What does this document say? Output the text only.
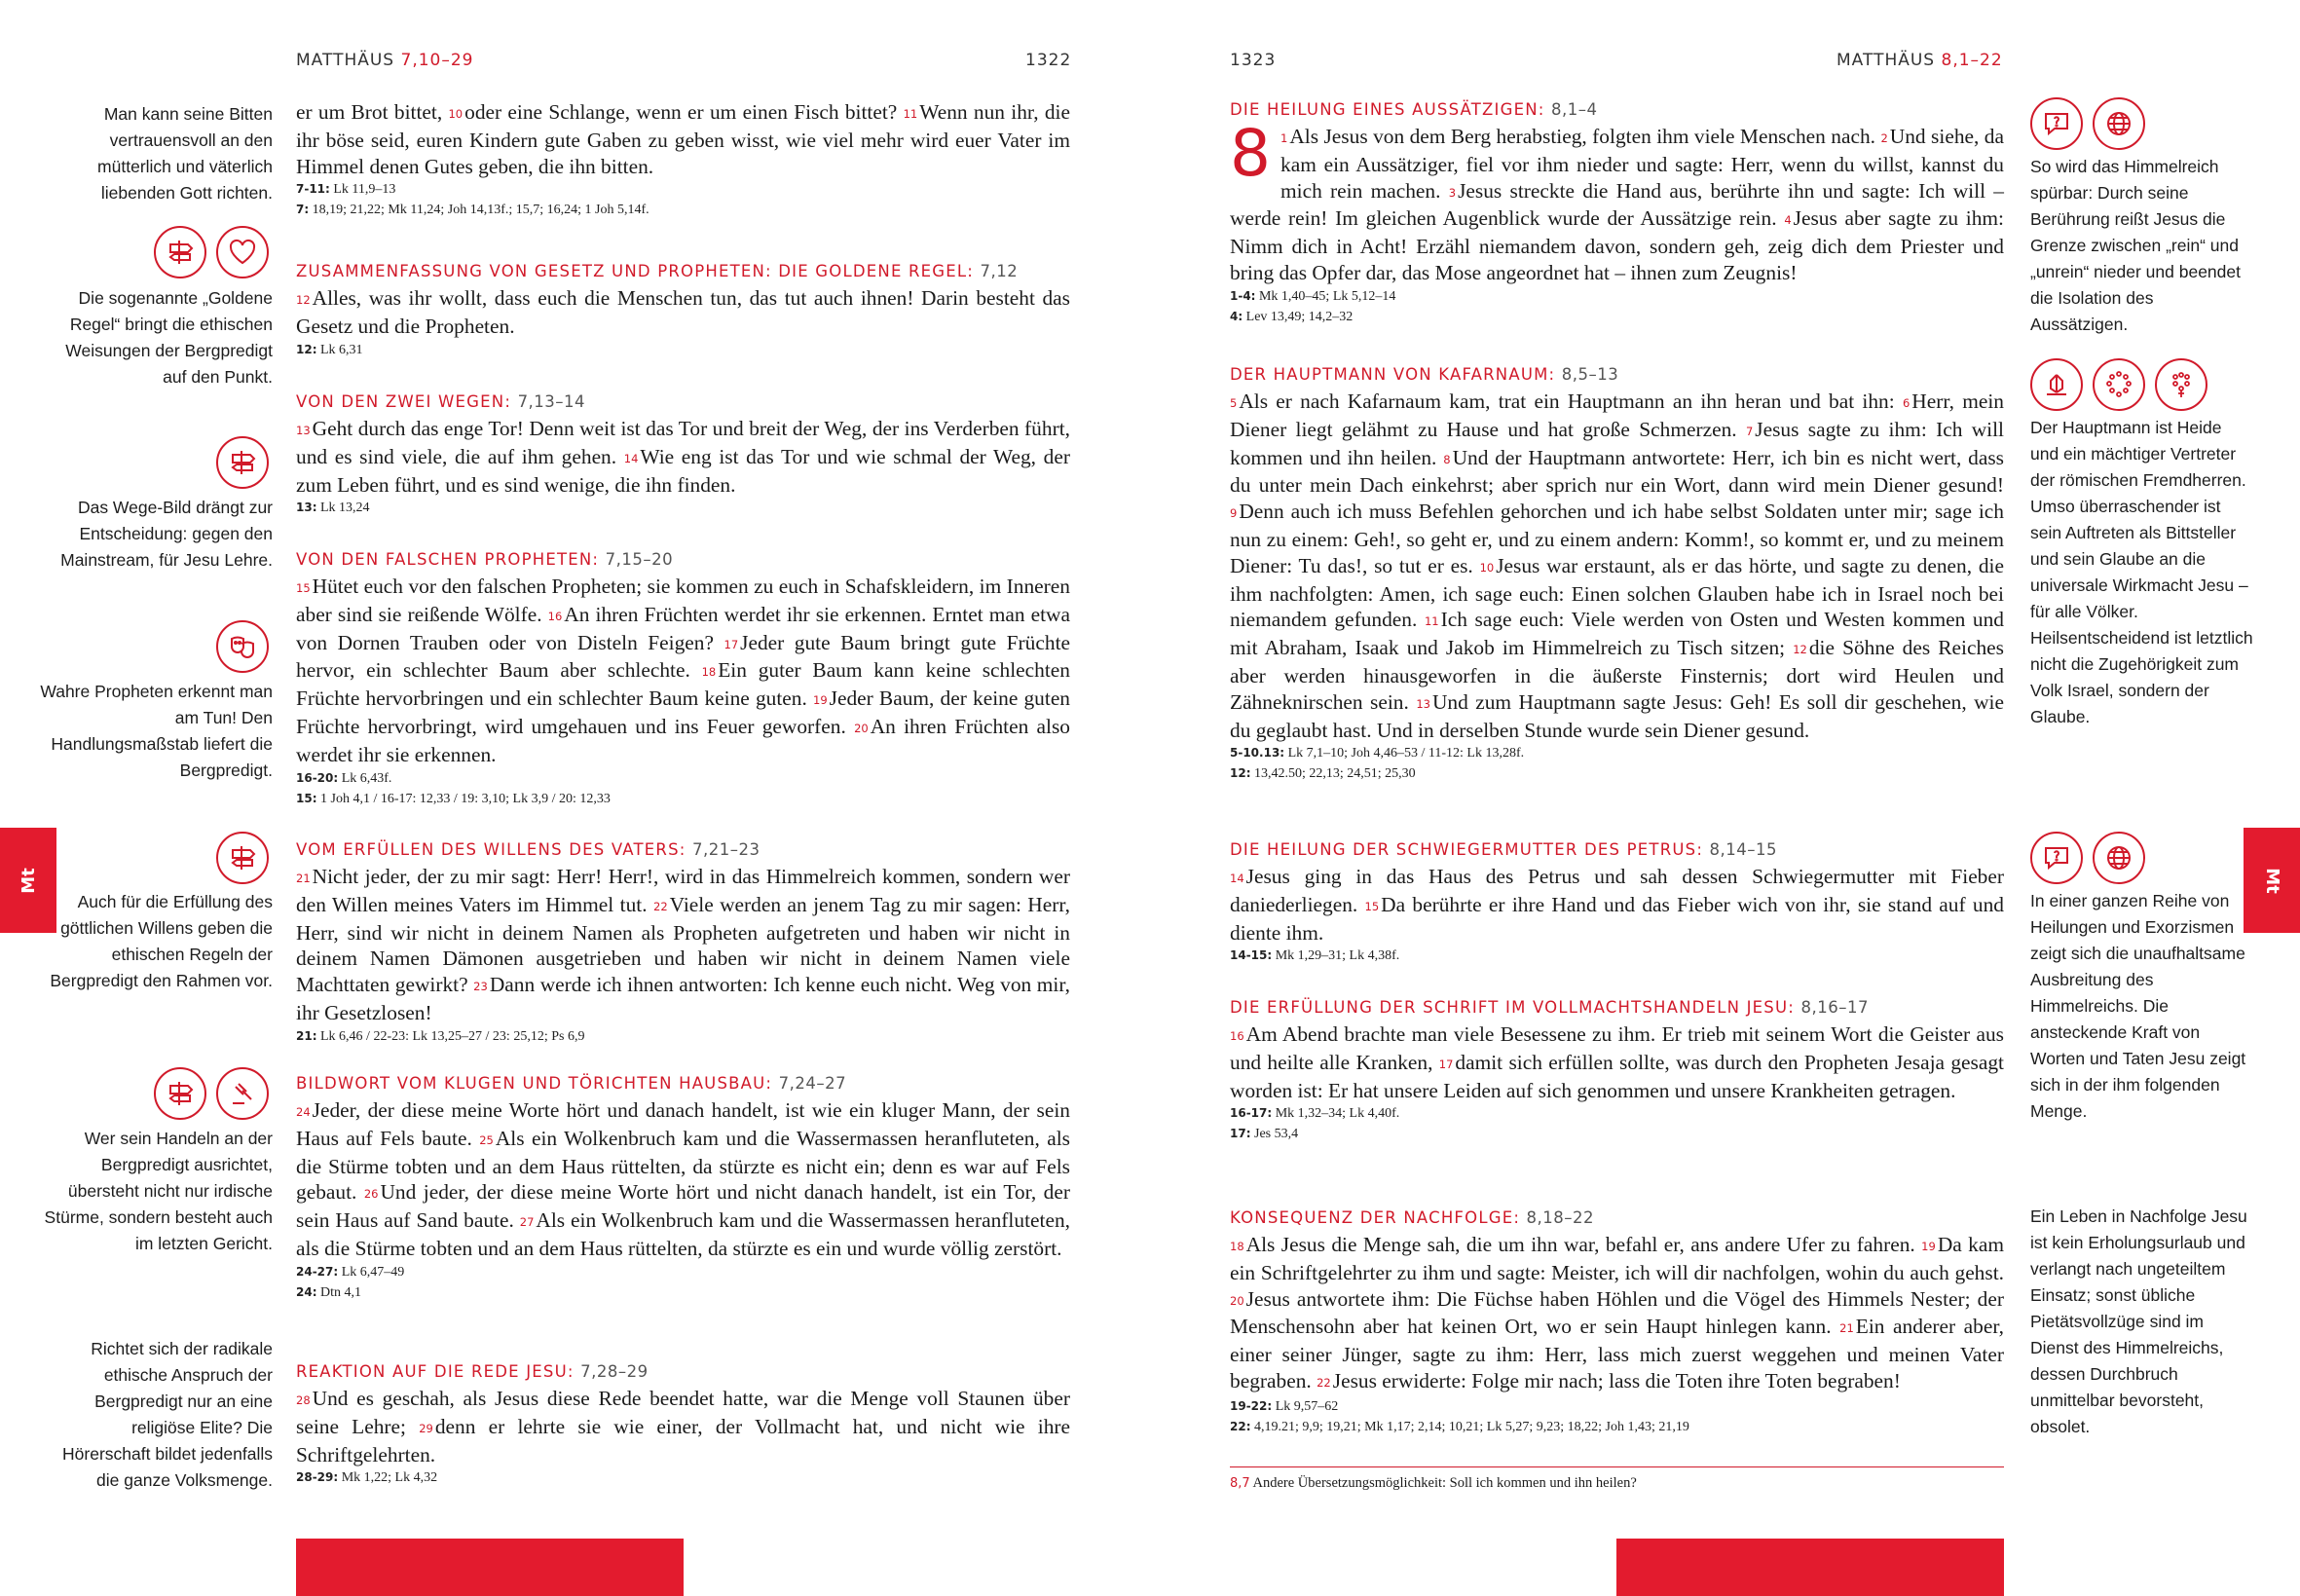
MATTHÄUS 7,10–29	1322
Man kann seine Bitten vertrauensvoll an den mütterlich und väterlich liebenden Gott richten.
Die sogenannte „Goldene Regel“ bringt die ethischen Weisungen der Bergpredigt auf den Punkt.
Das Wege-Bild drängt zur Entscheidung: gegen den Mainstream, für Jesu Lehre.
Wahre Propheten erkennt man am Tun! Den Handlungsmaßstab liefert die Bergpredigt.
Auch für die Erfüllung des göttlichen Willens geben die ethischen Regeln der Bergpredigt den Rahmen vor.
Wer sein Handeln an der Bergpredigt ausrichtet, übersteht nicht nur irdische Stürme, sondern besteht auch im letzten Gericht.
Richtet sich der radikale ethische Anspruch der Bergpredigt nur an eine religiöse Elite? Die Hörerschaft bildet jedenfalls die ganze Volksmenge.

er um Brot bittet, 10oder eine Schlange, wenn er um einen Fisch bittet? 11Wenn nun ihr, die ihr böse seid, euren Kindern gute Gaben zu geben wisst, wie viel mehr wird euer Vater im Himmel denen Gutes geben, die ihn bitten.

7-11: Lk 11,9–13
7: 18,19; 21,22; Mk 11,24; Joh 14,13f.; 15,7; 16,24; 1 Joh 5,14f.
ZUSAMMENFASSUNG VON GESETZ UND PROPHETEN: DIE GOLDENE REGEL: 7,12

12Alles, was ihr wollt, dass euch die Menschen tun, das tut auch ihnen! Darin besteht das Gesetz und die Propheten.

12: Lk 6,31
VON DEN ZWEI WEGEN: 7,13–14

13Geht durch das enge Tor! Denn weit ist das Tor und breit der Weg, der ins Verderben führt, und es sind viele, die auf ihm gehen. 14Wie eng ist das Tor und wie schmal der Weg, der zum Leben führt, und es sind wenige, die ihn finden.

13: Lk 13,24
VON DEN FALSCHEN PROPHETEN: 7,15–20

15Hütet euch vor den falschen Propheten; sie kommen zu euch in Schafskleidern, im Inneren aber sind sie reißende Wölfe. 16An ihren Früchten werdet ihr sie erkennen. Erntet man etwa von Dornen Trauben oder von Disteln Feigen? 17Jeder gute Baum bringt gute Früchte hervor, ein schlechter Baum aber schlechte. 18Ein guter Baum kann keine schlechten Früchte hervorbringen und ein schlechter Baum keine guten. 19Jeder Baum, der keine guten Früchte hervorbringt, wird umgehauen und ins Feuer geworfen. 20An ihren Früchten also werdet ihr sie erkennen.

16-20: Lk 6,43f.
15: 1 Joh 4,1 / 16-17: 12,33 / 19: 3,10; Lk 3,9 / 20: 12,33
VOM ERFÜLLEN DES WILLENS DES VATERS: 7,21–23

21Nicht jeder, der zu mir sagt: Herr! Herr!, wird in das Himmelreich kommen, sondern wer den Willen meines Vaters im Himmel tut. 22Viele werden an jenem Tag zu mir sagen: Herr, Herr, sind wir nicht in deinem Namen als Propheten aufgetreten und haben wir nicht in deinem Namen Dämonen ausgetrieben und haben wir nicht in deinem Namen viele Machttaten gewirkt? 23Dann werde ich ihnen antworten: Ich kenne euch nicht. Weg von mir, ihr Gesetzlosen!

21: Lk 6,46 / 22-23: Lk 13,25–27 / 23: 25,12; Ps 6,9
BILDWORT VOM KLUGEN UND TÖRICHTEN HAUSBAU: 7,24–27

24Jeder, der diese meine Worte hört und danach handelt, ist wie ein kluger Mann, der sein Haus auf Fels baute. 25Als ein Wolkenbruch kam und die Wassermassen heranfluteten, als die Stürme tobten und an dem Haus rüttelten, da stürzte es nicht ein; denn es war auf Fels gebaut. 26Und jeder, der diese meine Worte hört und nicht danach handelt, ist ein Tor, der sein Haus auf Sand baute. 27Als ein Wolkenbruch kam und die Wassermassen heranfluteten, als die Stürme tobten und an dem Haus rüttelten, da stürzte es ein und wurde völlig zerstört.

24-27: Lk 6,47–49
24: Dtn 4,1
REAKTION AUF DIE REDE JESU: 7,28–29

28Und es geschah, als Jesus diese Rede beendet hatte, war die Menge voll Staunen über seine Lehre; 29denn er lehrte sie wie einer, der Vollmacht hat, und nicht wie ihre Schriftgelehrten.

28-29: Mk 1,22; Lk 4,32
Mt
1323	MATTHÄUS 8,1–22
DIE HEILUNG EINES AUSSÄTZIGEN: 8,1–4

8 1Als Jesus von dem Berg herabstieg, folgten ihm viele Menschen nach. 2Und siehe, da kam ein Aussätziger, fiel vor ihm nieder und sagte: Herr, wenn du willst, kannst du mich rein machen. 3Jesus streckte die Hand aus, berührte ihn und sagte: Ich will – werde rein! Im gleichen Augenblick wurde der Aussätzige rein. 4Jesus aber sagte zu ihm: Nimm dich in Acht! Erzähl niemandem davon, sondern geh, zeig dich dem Priester und bring das Opfer dar, das Mose angeordnet hat – ihnen zum Zeugnis!

1-4: Mk 1,40–45; Lk 5,12–14
4: Lev 13,49; 14,2–32
DER HAUPTMANN VON KAFARNAUM: 8,5–13

5Als er nach Kafarnaum kam, trat ein Hauptmann an ihn heran und bat ihn: 6Herr, mein Diener liegt gelähmt zu Hause und hat große Schmerzen. 7Jesus sagte zu ihm: Ich will kommen und ihn heilen. 8Und der Hauptmann antwortete: Herr, ich bin es nicht wert, dass du unter mein Dach einkehrst; aber sprich nur ein Wort, dann wird mein Diener gesund! 9Denn auch ich muss Befehlen gehorchen und ich habe selbst Soldaten unter mir; sage ich nun zu einem: Geh!, so geht er, und zu einem andern: Komm!, so kommt er, und zu meinem Diener: Tu das!, so tut er es. 10Jesus war erstaunt, als er das hörte, und sagte zu denen, die ihm nachfolgten: Amen, ich sage euch: Einen solchen Glauben habe ich in Israel noch bei niemandem gefunden. 11Ich sage euch: Viele werden von Osten und Westen kommen und mit Abraham, Isaak und Jakob im Himmelreich zu Tisch sitzen; 12die Söhne des Reiches aber werden hinausgeworfen in die äußerste Finsternis; dort wird Heulen und Zähneknirschen sein. 13Und zum Hauptmann sagte Jesus: Geh! Es soll dir geschehen, wie du geglaubt hast. Und in derselben Stunde wurde sein Diener gesund.

5-10.13: Lk 7,1–10; Joh 4,46–53 / 11-12: Lk 13,28f.
12: 13,42.50; 22,13; 24,51; 25,30
DIE HEILUNG DER SCHWIEGERMUTTER DES PETRUS: 8,14–15

14Jesus ging in das Haus des Petrus und sah dessen Schwiegermutter mit Fieber daniederliegen. 15Da berührte er ihre Hand und das Fieber wich von ihr, sie stand auf und diente ihm.

14-15: Mk 1,29–31; Lk 4,38f.
DIE ERFÜLLUNG DER SCHRIFT IM VOLLMACHTSHANDELN JESU: 8,16–17

16Am Abend brachte man viele Besessene zu ihm. Er trieb mit seinem Wort die Geister aus und heilte alle Kranken, 17damit sich erfüllen sollte, was durch den Propheten Jesaja gesagt worden ist: Er hat unsere Leiden auf sich genommen und unsere Krankheiten getragen.

16-17: Mk 1,32–34; Lk 4,40f.
17: Jes 53,4
KONSEQUENZ DER NACHFOLGE: 8,18–22

18Als Jesus die Menge sah, die um ihn war, befahl er, ans andere Ufer zu fahren. 19Da kam ein Schriftgelehrter zu ihm und sagte: Meister, ich will dir nachfolgen, wohin du auch gehst. 20Jesus antwortete ihm: Die Füchse haben Höhlen und die Vögel des Himmels Nester; der Menschensohn aber hat keinen Ort, wo er sein Haupt hinlegen kann. 21Ein anderer aber, einer seiner Jünger, sagte zu ihm: Herr, lass mich zuerst weggehen und meinen Vater begraben. 22Jesus erwiderte: Folge mir nach; lass die Toten ihre Toten begraben!

19-22: Lk 9,57–62
22: 4,19.21; 9,9; 19,21; Mk 1,17; 2,14; 10,21; Lk 5,27; 9,23; 18,22; Joh 1,43; 21,19
8,7 Andere Übersetzungsmöglichkeit: Soll ich kommen und ihn heilen?
So wird das Himmelreich spürbar: Durch seine Berührung reißt Jesus die Grenze zwischen „rein“ und „unrein“ nieder und beendet die Isolation des Aussätzigen.
Der Hauptmann ist Heide und ein mächtiger Vertreter der römischen Fremdherren. Umso überraschender ist sein Auftreten als Bittsteller und sein Glaube an die universale Wirkmacht Jesu – für alle Völker. Heilsentscheidend ist letztlich nicht die Zugehörigkeit zum Volk Israel, sondern der Glaube.
In einer ganzen Reihe von Heilungen und Exorzismen zeigt sich die unaufhaltsame Ausbreitung des Himmelreichs. Die ansteckende Kraft von Worten und Taten Jesu zeigt sich in der ihm folgenden Menge.
Ein Leben in Nachfolge Jesu ist kein Erholungsurlaub und verlangt nach ungeteiltem Einsatz; sonst übliche Pietätsvollzüge sind im Dienst des Himmelreichs, dessen Durchbruch unmittelbar bevorsteht, obsolet.
Mt
